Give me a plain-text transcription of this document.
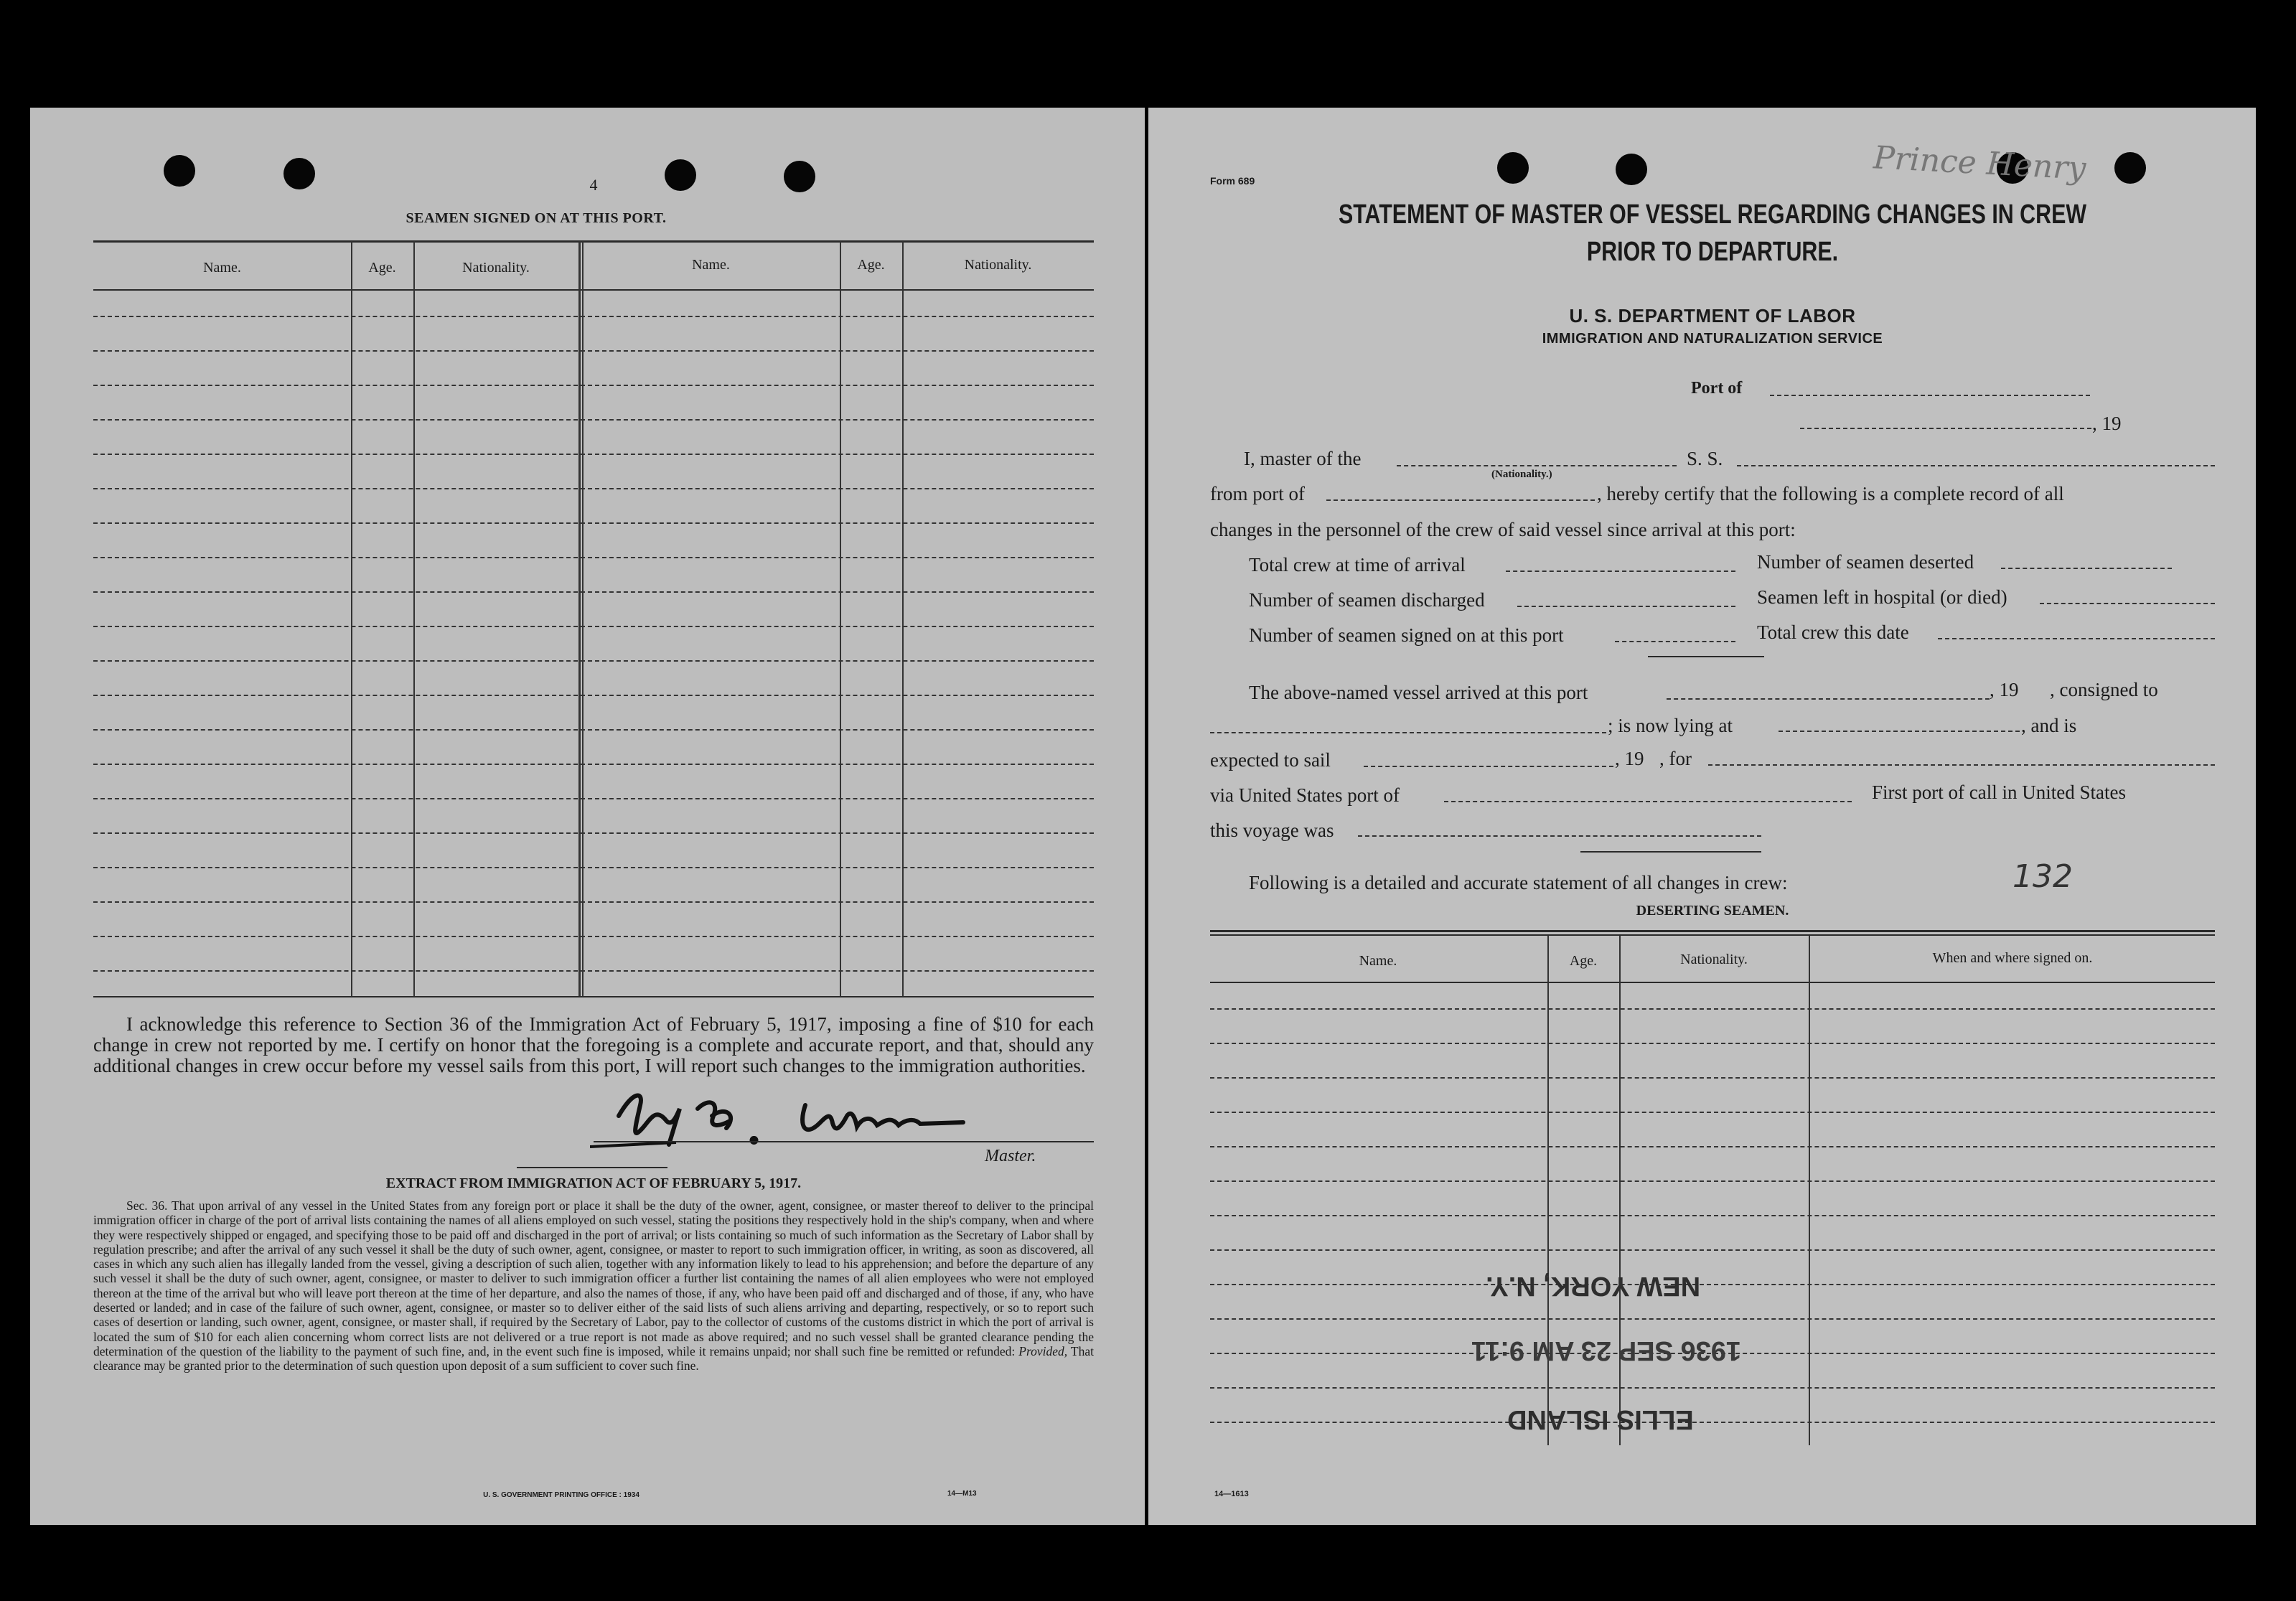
4
SEAMEN SIGNED ON AT THIS PORT.
Name.	Age.	Nationality.	Name.	Age.	Nationality.
I acknowledge this reference to Section 36 of the Immigration Act of February 5, 1917, imposing a fine of $10 for each change in crew not reported by me. I certify on honor that the foregoing is a complete and accurate report, and that, should any additional changes in crew occur before my vessel sails from this port, I will report such changes to the immigration authorities.
Master.
EXTRACT FROM IMMIGRATION ACT OF FEBRUARY 5, 1917.
Sec. 36. That upon arrival of any vessel in the United States from any foreign port or place it shall be the duty of the owner, agent, consignee, or master thereof to deliver to the principal immigration officer in charge of the port of arrival lists containing the names of all aliens employed on such vessel, stating the positions they respectively hold in the ship's company, when and where they were respectively shipped or engaged, and specifying those to be paid off and discharged in the port of arrival; or lists containing so much of such information as the Secretary of Labor shall by regulation prescribe; and after the arrival of any such vessel it shall be the duty of such owner, agent, consignee, or master to report to such immigration officer, in writing, as soon as discovered, all cases in which any such alien has illegally landed from the vessel, giving a description of such alien, together with any information likely to lead to his apprehension; and before the departure of any such vessel it shall be the duty of such owner, agent, consignee, or master to deliver to such immigration officer a further list containing the names of all alien employees who were not employed thereon at the time of the arrival but who will leave port thereon at the time of her departure, and also the names of those, if any, who have been paid off and discharged and of those, if any, who have deserted or landed; and in case of the failure of such owner, agent, consignee, or master so to deliver either of the said lists of such aliens arriving and departing, respectively, or so to report such cases of desertion or landing, such owner, agent, consignee, or master shall, if required by the Secretary of Labor, pay to the collector of customs of the customs district in which the port of arrival is located the sum of $10 for each alien concerning whom correct lists are not delivered or a true report is not made as above required; and no such vessel shall be granted clearance pending the determination of the question of the liability to the payment of such fine, and, in the event such fine is imposed, while it remains unpaid; nor shall such fine be remitted or refunded: Provided, That clearance may be granted prior to the determination of such question upon deposit of a sum sufficient to cover such fine.
U. S. GOVERNMENT PRINTING OFFICE : 1934	14—M13
Form 689	Prince Henry
STATEMENT OF MASTER OF VESSEL REGARDING CHANGES IN CREW
PRIOR TO DEPARTURE.
U. S. DEPARTMENT OF LABOR
IMMIGRATION AND NATURALIZATION SERVICE
Port of
, 19
I, master of the
(Nationality.)
S. S.
from port of	, hereby certify that the following is a complete record of all
changes in the personnel of the crew of said vessel since arrival at this port:
Total crew at time of arrival	Number of seamen deserted
Number of seamen discharged	Seamen left in hospital (or died)
Number of seamen signed on at this port	Total crew this date
The above-named vessel arrived at this port	, 19 , consigned to
; is now lying at	, and is
expected to sail	, 19 , for
via United States port of	First port of call in United States
this voyage was
Following is a detailed and accurate statement of all changes in crew:	132
DESERTING SEAMEN.
Name.	Age.	Nationality.	When and where signed on.
NEW YORK, N.Y.
1936 SEP 23 AM 9:11
ELLIS ISLAND
14—1613
